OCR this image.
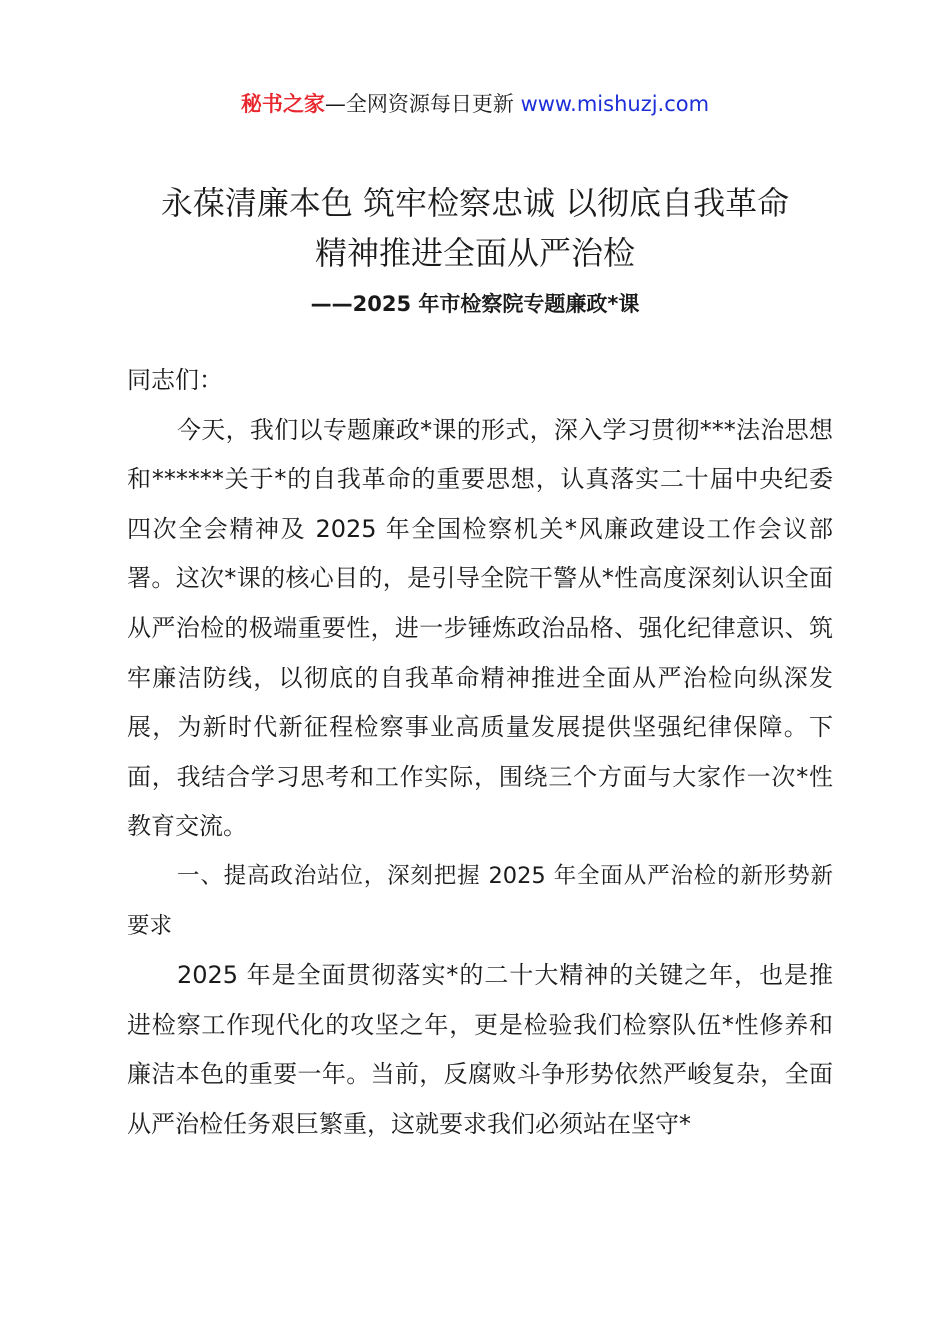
秘书之家—全网资源每日更新 www.mishuzj.com
永葆清廉本色 筑牢检察忠诚 以彻底自我革命
精神推进全面从严治检
——2025 年市检察院专题廉政*课

同志们：

今天，我们以专题廉政*课的形式，深入学习贯彻***法治思想和******关于*的自我革命的重要思想，认真落实二十届中央纪委四次全会精神及 2025 年全国检察机关*风廉政建设工作会议部署。这次*课的核心目的，是引导全院干警从*性高度深刻认识全面从严治检的极端重要性，进一步锤炼政治品格、强化纪律意识、筑牢廉洁防线，以彻底的自我革命精神推进全面从严治检向纵深发展，为新时代新征程检察事业高质量发展提供坚强纪律保障。下面，我结合学习思考和工作实际，围绕三个方面与大家作一次*性教育交流。

一、提高政治站位，深刻把握 2025 年全面从严治检的新形势新要求

2025 年是全面贯彻落实*的二十大精神的关键之年，也是推进检察工作现代化的攻坚之年，更是检验我们检察队伍*性修养和廉洁本色的重要一年。当前，反腐败斗争形势依然严峻复杂，全面从严治检任务艰巨繁重，这就要求我们必须站在坚守*
